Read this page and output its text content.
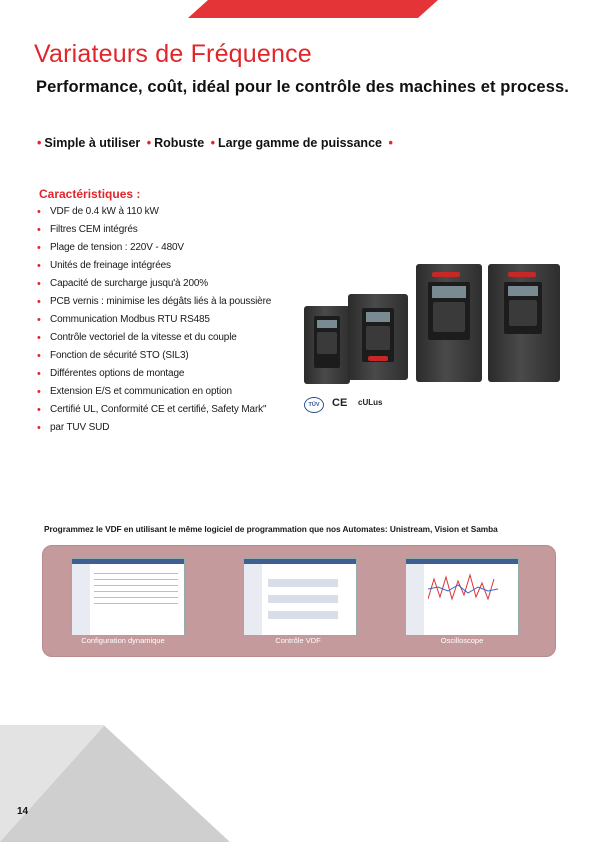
Variateurs de Fréquence
Performance, coût, idéal pour le contrôle des machines et process.
• Simple à utiliser • Robuste • Large gamme de puissance •
Caractéristiques :
• VDF de 0.4 kW à 110 kW
• Filtres CEM intégrés
• Plage de tension : 220V - 480V
• Unités de freinage intégrées
• Capacité de surcharge jusqu'à 200%
• PCB vernis : minimise les dégâts liés à la poussière
• Communication Modbus RTU RS485
• Contrôle vectoriel de la vitesse et du couple
• Fonction de sécurité STO (SIL3)
• Différentes options de montage
• Extension E/S et communication en option
• Certifié UL, Conformité CE et certifié, Safety Mark"
• par TUV SUD
TÜV	CE cULus
Programmez le VDF en utilisant le même logiciel de programmation que nos Automates: Unistream, Vision et Samba
Configuration dynamique	Contrôle VDF	Oscilloscope
14
